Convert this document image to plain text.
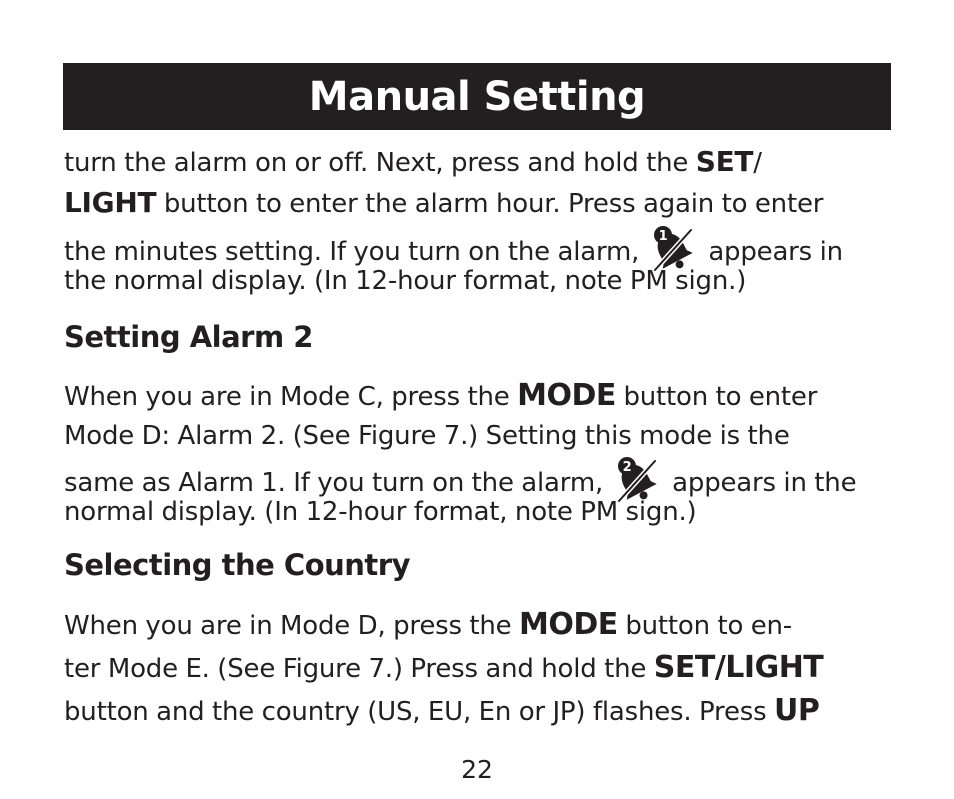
Manual Setting
turn the alarm on or off. Next, press and hold the SET/
LIGHT button to enter the alarm hour. Press again to enter
the minutes setting. If you turn on the alarm,
1
appears in
the normal display. (In 12-hour format, note PM sign.)
Setting Alarm 2
When you are in Mode C, press the MODE button to enter
Mode D: Alarm 2. (See Figure 7.) Setting this mode is the
same as Alarm 1. If you turn on the alarm,
2
appears in the
normal display. (In 12-hour format, note PM sign.)
Selecting the Country
When you are in Mode D, press the MODE button to en-
ter Mode E. (See Figure 7.) Press and hold the SET/LIGHT
button and the country (US, EU, En or JP) flashes. Press UP
22
